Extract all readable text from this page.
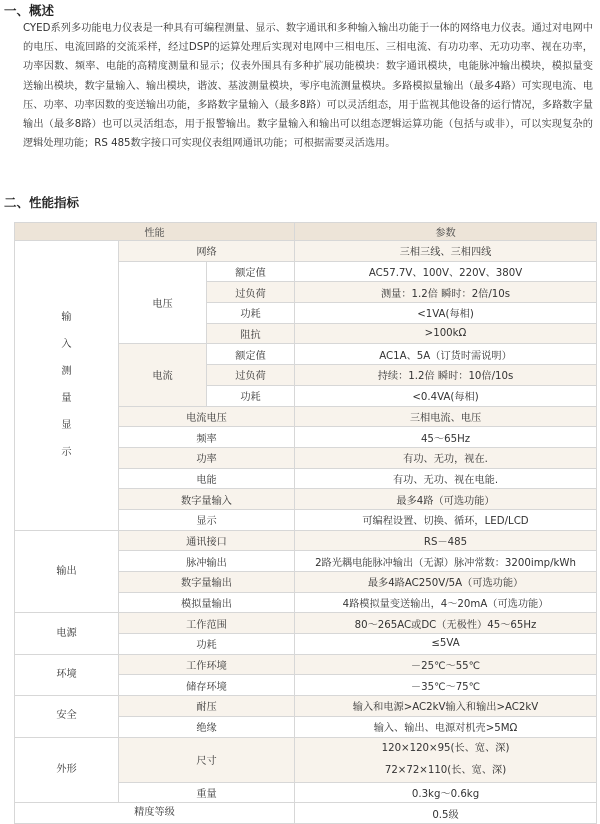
一、概述

CYED系列多功能电力仪表是一种具有可编程测量、显示、数字通讯和多种输入输出功能于一体的网络电力仪表。通过对电网中的电压、电流回路的交流采样，经过DSP的运算处理后实现对电网中三相电压、三相电流、有功功率、无功功率、视在功率，功率因数、频率、电能的高精度测量和显示；仪表外围具有多种扩展功能模块：数字通讯模块，电能脉冲输出模块，模拟量变送输出模块，数字量输入、输出模块，谐波、基波测量模块，零序电流测量模块。多路模拟量输出（最多4路）可实现电流、电压、功率、功率因数的变送输出功能，多路数字量输入（最多8路）可以灵活组态，用于监视其他设备的运行情况，多路数字量输出（最多8路）也可以灵活组态，用于报警输出。数字量输入和输出可以组态逻辑运算功能（包括与或非），可以实现复杂的逻辑处理功能；RS 485数字接口可实现仪表组网通讯功能；可根据需要灵活选用。

二、性能指标
性能			参数
输入测量显示	网络		三相三线、三相四线
	电压	额定值	AC57.7V、100V、220V、380V
		过负荷	测量：1.2倍 瞬时：2倍/10s
		功耗	<1VA(每相)
		阻抗	>100kΩ
	电流	额定值	AC1A、5A（订货时需说明）
		过负荷	持续：1.2倍 瞬时：10倍/10s
		功耗	<0.4VA(每相)
	电流电压		三相电流、电压
	频率		45～65Hz
	功率		有功、无功，视在.
	电能		有功、无功、视在电能.
	数字量输入		最多4路（可选功能）
	显示		可编程设置、切换、循环，LED/LCD
输出	通讯接口		RS－485
	脉冲输出		2路光耦电能脉冲输出（无源）脉冲常数：3200imp/kWh
	数字量输出		最多4路AC250V/5A（可选功能）
	模拟量输出		4路模拟量变送输出，4～20mA（可选功能）
电源	工作范围		80～265AC或DC（无极性）45～65Hz
	功耗		≤5VA
环境	工作环境		－25℃～55℃
	储存环境		－35℃～75℃
安全	耐压		输入和电源>AC2kV输入和输出>AC2kV
	绝缘		输入、输出、电源对机壳>5MΩ
外形	尺寸		120×120×95(长、宽、深)
72×72×110(长、宽、深)

	重量		0.3kg～0.6kg
精度等级			0.5级
